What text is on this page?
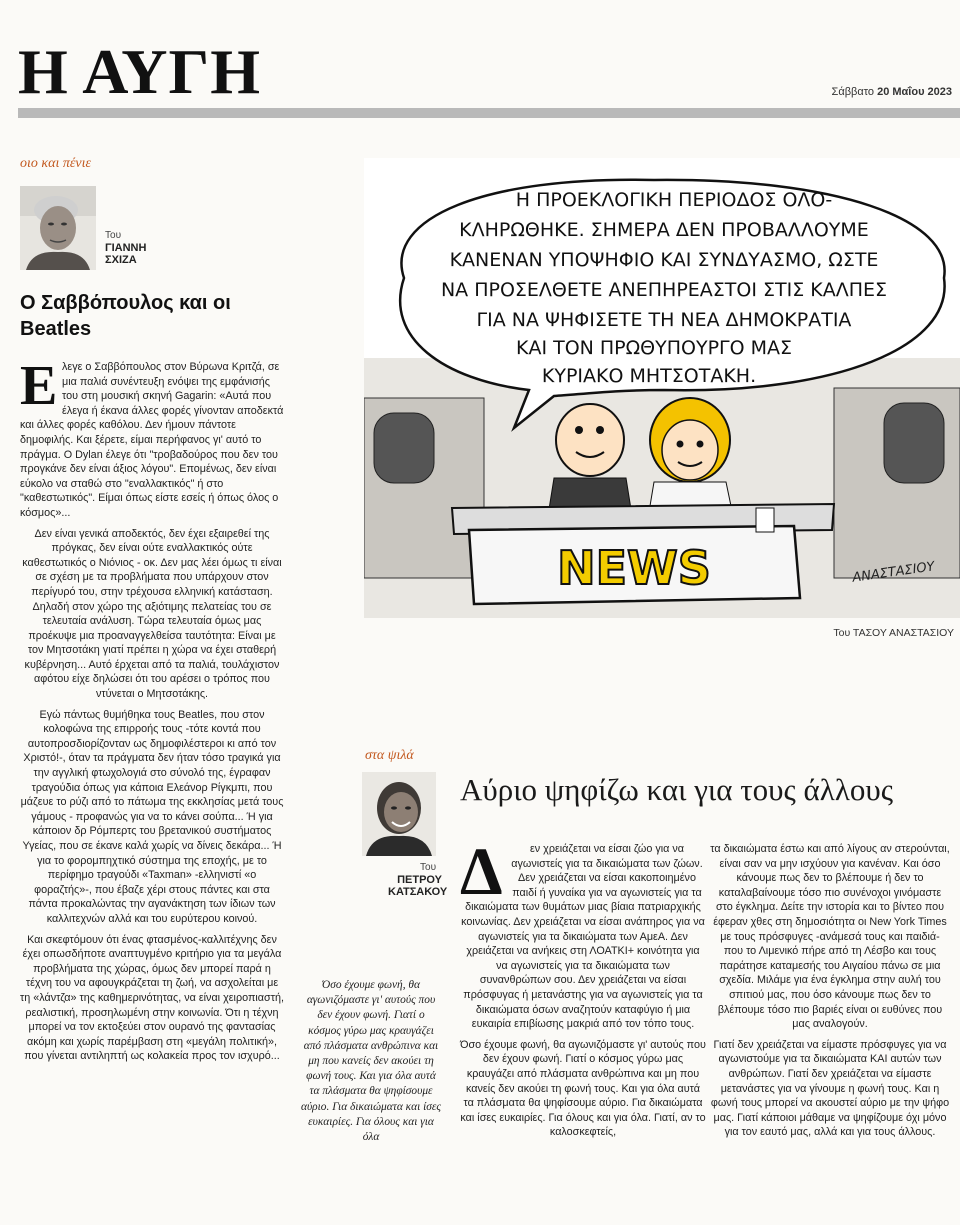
Η ΑΥΓΗ	Σάββατο 20 Μαΐου 2023
οιο και πένιε
Του
ΓΙΑΝΝΗ ΣΧΙΖΑ
Ο Σαββόπουλος και οι Beatles

Ελεγε ο Σαββόπουλος στον Βύρωνα Κριτζά, σε μια παλιά συνέντευξη ενόψει της εμφάνισής του στη μουσική σκηνή Gagarin: «Αυτά που έλεγα ή έκανα άλλες φορές γίνονταν αποδεκτά και άλλες φορές καθόλου. Δεν ήμουν πάντοτε δημοφιλής. Και ξέρετε, είμαι περήφανος γι' αυτό το πράγμα. Ο Dylan έλεγε ότι "τροβαδούρος που δεν του προγκάνε δεν είναι άξιος λόγου". Επομένως, δεν είναι εύκολο να σταθώ στο "εναλλακτικός" ή στο "καθεστωτικός". Είμαι όπως είστε εσείς ή όπως όλος ο κόσμος»...

Δεν είναι γενικά αποδεκτός, δεν έχει εξαιρεθεί της πρόγκας, δεν είναι ούτε εναλλακτικός ούτε καθεστωτικός ο Νιόνιος - οκ. Δεν μας λέει όμως τι είναι σε σχέση με τα προβλήματα που υπάρχουν στον περίγυρό του, στην τρέχουσα ελληνική κατάσταση. Δηλαδή στον χώρο της αξιότιμης πελατείας του σε τελευταία ανάλυση. Τώρα τελευταία όμως μας προέκυψε μια προαναγγελθείσα ταυτότητα: Είναι με τον Μητσοτάκη γιατί πρέπει η χώρα να έχει σταθερή κυβέρνηση... Αυτό έρχεται από τα παλιά, τουλάχιστον αφότου είχε δηλώσει ότι του αρέσει ο τρόπος που ντύνεται ο Μητσοτάκης.

Εγώ πάντως θυμήθηκα τους Beatles, που στον κολοφώνα της επιρροής τους -τότε κοντά που αυτοπροσδιορίζονταν ως δημοφιλέστεροι κι από τον Χριστό!-, όταν τα πράγματα δεν ήταν τόσο τραγικά για την αγγλική φτωχολογιά στο σύνολό της, έγραφαν τραγούδια όπως για κάποια Ελεάνορ Ρίγκμπι, που μάζευε το ρύζι από το πάτωμα της εκκλησίας μετά τους γάμους - προφανώς για να το κάνει σούπα... Ή για κάποιον δρ Ρόμπερτς του βρετανικού συστήματος Υγείας, που σε έκανε καλά χωρίς να δίνεις δεκάρα... Ή για το φορομπηχτικό σύστημα της εποχής, με το περίφημο τραγούδι «Taxman» -ελληνιστί «ο φοραζτής»-, που έβαζε χέρι στους πάντες και στα πάντα προκαλώντας την αγανάκτηση των ίδιων των καλλιτεχνών αλλά και του ευρύτερου κοινού.

Και σκεφτόμουν ότι ένας φτασμένος-καλλιτέχνης δεν έχει οπωσδήποτε αναπτυγμένο κριτήριο για τα μεγάλα προβλήματα της χώρας, όμως δεν μπορεί παρά η τέχνη του να αφουγκράζεται τη ζωή, να ασχολείται με τη «λάντζα» της καθημερινότητας, να είναι χειροπιαστή, ρεαλιστική, προσηλωμένη στην κοινωνία. Ότι η τέχνη μπορεί να τον εκτοξεύει στον ουρανό της φαντασίας ακόμη και χωρίς παρέμβαση στη «μεγάλη πολιτική», που γίνεται αντιληπτή ως κολακεία προς τον ισχυρό...

Η ΠΡΟΕΚΛΟΓΙΚΗ ΠΕΡΙΟΔΟΣ ΟΛΟ-
ΚΛΗΡΩΘΗΚΕ. ΣΗΜΕΡΑ ΔΕΝ ΠΡΟΒΑΛΛΟΥΜΕ
ΚΑΝΕΝΑΝ ΥΠΟΨΗΦΙΟ ΚΑΙ ΣΥΝΔΥΑΣΜΟ, ΩΣΤΕ
ΝΑ ΠΡΟΣΕΛΘΕΤΕ ΑΝΕΠΗΡΕΑΣΤΟΙ ΣΤΙΣ ΚΑΛΠΕΣ
ΓΙΑ ΝΑ ΨΗΦΙΣΕΤΕ ΤΗ ΝΕΑ ΔΗΜΟΚΡΑΤΙΑ
ΚΑΙ ΤΟΝ ΠΡΩΘΥΠΟΥΡΓΟ ΜΑΣ
ΚΥΡΙΑΚΟ ΜΗΤΣΟΤΑΚΗ.
NEWS	ΑΝΑΣΤΑΣΙΟΥ
Του ΤΑΣΟΥ ΑΝΑΣΤΑΣΙΟΥ
στα ψιλά
Του
ΠΕΤΡΟΥ ΚΑΤΣΑΚΟΥ
Αύριο ψηφίζω και για τους άλλους
Όσο έχουμε φωνή, θα αγωνιζόμαστε γι' αυτούς που δεν έχουν φωνή. Γιατί ο κόσμος γύρω μας κραυγάζει από πλάσματα ανθρώπινα και μη που κανείς δεν ακούει τη φωνή τους. Και για όλα αυτά τα πλάσματα θα ψηφίσουμε αύριο. Για δικαιώματα και ίσες ευκαιρίες. Για όλους και για όλα

Δ	εν χρειάζεται να είσαι ζώο για να αγωνιστείς για τα δικαιώματα των ζώων. Δεν χρειάζεται να είσαι κακοποιημένο παιδί ή γυναίκα για να αγωνιστείς για τα δικαιώματα των θυμάτων μιας βίαια πατριαρχικής κοινωνίας. Δεν χρειάζεται να είσαι ανάπηρος για να αγωνιστείς για τα δικαιώματα των ΑμεΑ. Δεν χρειάζεται να ανήκεις στη ΛΟΑΤΚΙ+ κοινότητα για να αγωνιστείς για τα δικαιώματα των συνανθρώπων σου. Δεν χρειάζεται να είσαι πρόσφυγας ή μετανάστης για να αγωνιστείς για τα δικαιώματα όσων αναζητούν καταφύγιο ή μια ευκαιρία επιβίωσης μακριά από τον τόπο τους.

Όσο έχουμε φωνή, θα αγωνιζόμαστε γι' αυτούς που δεν έχουν φωνή. Γιατί ο κόσμος γύρω μας κραυγάζει από πλάσματα ανθρώπινα και μη που κανείς δεν ακούει τη φωνή τους. Και για όλα αυτά τα πλάσματα θα ψηφίσουμε αύριο. Για δικαιώματα και ίσες ευκαιρίες. Για όλους και για όλα. Γιατί, αν το καλοσκεφτείς,

τα δικαιώματα έστω και από λίγους αν στερούνται, είναι σαν να μην ισχύουν για κανέναν. Και όσο κάνουμε πως δεν το βλέπουμε ή δεν το καταλαβαίνουμε τόσο πιο συνένοχοι γινόμαστε στο έγκλημα. Δείτε την ιστορία και το βίντεο που έφεραν χθες στη δημοσιότητα οι New York Times με τους πρόσφυγες -ανάμεσά τους και παιδιά- που το Λιμενικό πήρε από τη Λέσβο και τους παράτησε καταμεσής του Αιγαίου πάνω σε μια σχεδία. Μιλάμε για ένα έγκλημα στην αυλή του σπιτιού μας, που όσο κάνουμε πως δεν το βλέπουμε τόσο πιο βαριές είναι οι ευθύνες που μας αναλογούν.

Γιατί δεν χρειάζεται να είμαστε πρόσφυγες για να αγωνιστούμε για τα δικαιώματα ΚΑΙ αυτών των ανθρώπων. Γιατί δεν χρειάζεται να είμαστε μετανάστες για να γίνουμε η φωνή τους. Και η φωνή τους μπορεί να ακουστεί αύριο με την ψήφο μας. Γιατί κάποιοι μάθαμε να ψηφίζουμε όχι μόνο για τον εαυτό μας, αλλά και για τους άλλους.
